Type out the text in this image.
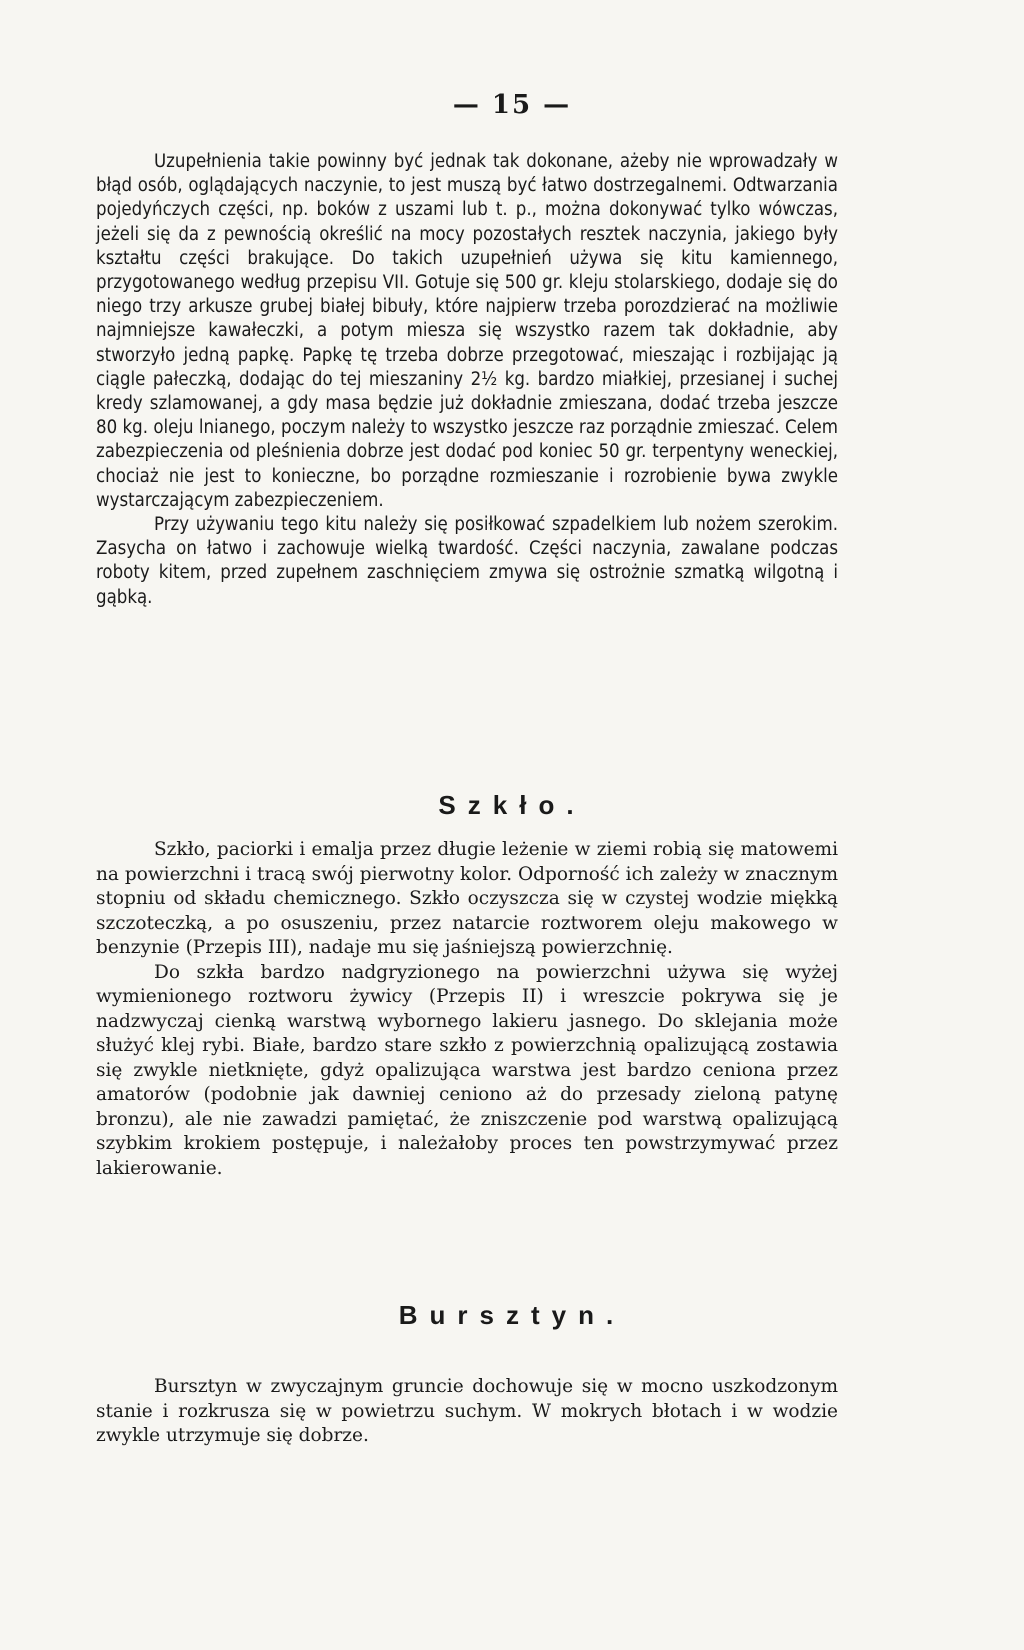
— 15 —

Uzupełnienia takie powinny być jednak tak dokonane, ażeby nie wprowadzały w błąd osób, oglądających naczynie, to jest muszą być łatwo dostrzegalnemi. Odtwarzania pojedyńczych części, np. boków z uszami lub t. p., można dokonywać tylko wówczas, jeżeli się da z pewnością określić na mocy pozostałych resztek naczynia, jakiego były kształtu części brakujące. Do takich uzupełnień używa się kitu kamiennego, przygotowanego według przepisu VII. Gotuje się 500 gr. kleju stolarskiego, dodaje się do niego trzy arkusze grubej białej bibuły, które najpierw trzeba porozdzierać na możliwie najmniejsze kawałeczki, a potym miesza się wszystko razem tak dokładnie, aby stworzyło jedną papkę. Papkę tę trzeba dobrze przegotować, mieszając i rozbijając ją ciągle pałeczką, dodając do tej mieszaniny 2½ kg. bardzo miałkiej, przesianej i suchej kredy szlamowanej, a gdy masa będzie już dokładnie zmieszana, dodać trzeba jeszcze 80 kg. oleju lnianego, poczym należy to wszystko jeszcze raz porządnie zmieszać. Celem zabezpieczenia od pleśnienia dobrze jest dodać pod koniec 50 gr. terpentyny weneckiej, chociaż nie jest to konieczne, bo porządne rozmieszanie i rozrobienie bywa zwykle wystarczającym zabezpieczeniem.

Przy używaniu tego kitu należy się posiłkować szpadelkiem lub nożem szerokim. Zasycha on łatwo i zachowuje wielką twardość. Części naczynia, zawalane podczas roboty kitem, przed zupełnem zaschnięciem zmywa się ostrożnie szmatką wilgotną i gąbką.

Szkło.

Szkło, paciorki i emalja przez długie leżenie w ziemi robią się matowemi na powierzchni i tracą swój pierwotny kolor. Odporność ich zależy w znacznym stopniu od składu chemicznego. Szkło oczyszcza się w czystej wodzie miękką szczoteczką, a po osuszeniu, przez natarcie roztworem oleju makowego w benzynie (Przepis III), nadaje mu się jaśniejszą powierzchnię.

Do szkła bardzo nadgryzionego na powierzchni używa się wyżej wymienionego roztworu żywicy (Przepis II) i wreszcie pokrywa się je nadzwyczaj cienką warstwą wybornego lakieru jasnego. Do sklejania może służyć klej rybi. Białe, bardzo stare szkło z powierzchnią opalizującą zostawia się zwykle nietknięte, gdyż opalizująca warstwa jest bardzo ceniona przez amatorów (podobnie jak dawniej ceniono aż do przesady zieloną patynę bronzu), ale nie zawadzi pamiętać, że zniszczenie pod warstwą opalizującą szybkim krokiem postępuje, i należałoby proces ten powstrzymywać przez lakierowanie.

Bursztyn.

Bursztyn w zwyczajnym gruncie dochowuje się w mocno uszkodzonym stanie i rozkrusza się w powietrzu suchym. W mokrych błotach i w wodzie zwykle utrzymuje się dobrze.
